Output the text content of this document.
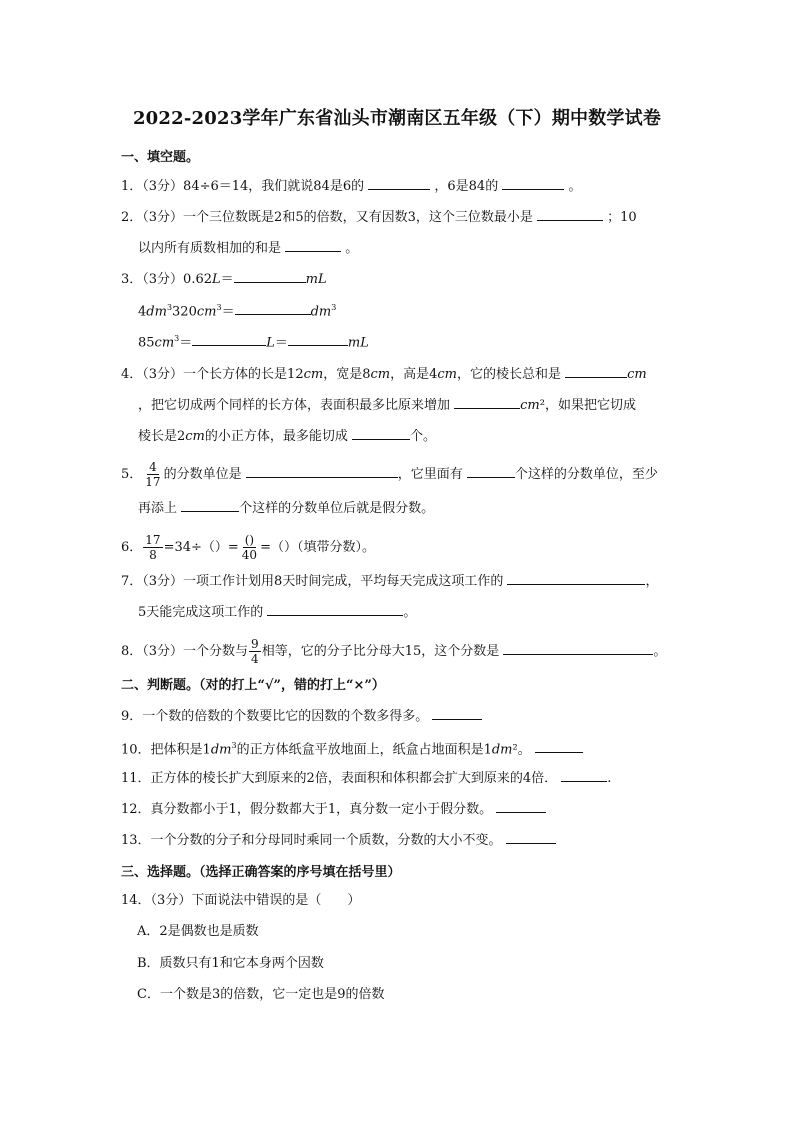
2022-2023学年广东省汕头市潮南区五年级（下）期中数学试卷
一、填空题。
1．（3分）84÷6＝14，我们就说84是6的	，6是84的	。
2．（3分）一个三位数既是2和5的倍数，又有因数3，这个三位数最小是	；10
以内所有质数相加的和是	。
3．（3分）0.62L＝	mL
$4dm^3320cm^3=$	$dm^3$
$85cm^3=$	L＝	mL
4．（3分）一个长方体的长是12cm，宽是8cm，高是4cm，它的棱长总和是	cm
，把它切成两个同样的长方体，表面积最多比原来增加	cm²，如果把它切成
棱长是2cm的小正方体，最多能切成	个。
5． $\frac{4}{17}$ 的分数单位是	，它里面有	个这样的分数单位，至少
再添上	个这样的分数单位后就是假分数。
6． $\frac{17}{8} =34\div()= \frac{()}{40}$ =（）（填带分数）。
7．（3分）一项工作计划用8天时间完成，平均每天完成这项工作的	，
5天能完成这项工作的	。
8．（3分）一个分数与 $\frac{9}{4}$ 相等，它的分子比分母大15，这个分数是	。
二、判断题。（对的打上“√”，错的打上“×”）
9．一个数的倍数的个数要比它的因数的个数多得多。
10．把体积是$1dm^3$的正方体纸盒平放地面上，纸盒占地面积是1dm²。
11．正方体的棱长扩大到原来的2倍，表面积和体积都会扩大到原来的4倍．	.
12．真分数都小于1，假分数都大于1，真分数一定小于假分数。
13．一个分数的分子和分母同时乘同一个质数，分数的大小不变。
三、选择题。（选择正确答案的序号填在括号里）
14．（3分）下面说法中错误的是（　　）
A．2是偶数也是质数
B．质数只有1和它本身两个因数
C．一个数是3的倍数，它一定也是9的倍数
